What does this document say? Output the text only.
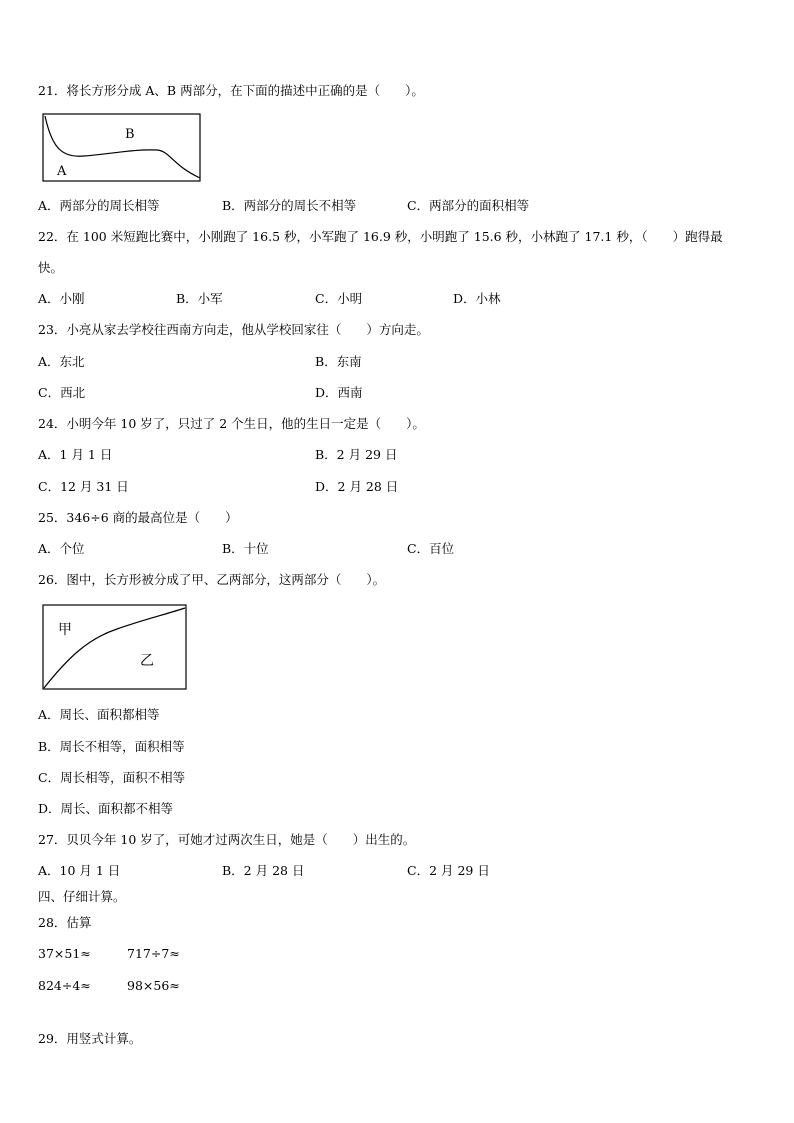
21．将长方形分成 A、B 两部分，在下面的描述中正确的是（　　）。
B
A
A．两部分的周长相等	B．两部分的周长不相等	C．两部分的面积相等
22．在 100 米短跑比赛中，小刚跑了 16.5 秒，小军跑了 16.9 秒，小明跑了 15.6 秒，小林跑了 17.1 秒，（　　）跑得最
快。
A．小刚	B．小军	C．小明	D．小林
23．小亮从家去学校往西南方向走，他从学校回家往（　　）方向走。
A．东北	B．东南
C．西北	D．西南
24．小明今年 10 岁了，只过了 2 个生日，他的生日一定是（　　）。
A．1 月 1 日	B．2 月 29 日
C．12 月 31 日	D．2 月 28 日
25．346÷6 商的最高位是（　　）
A．个位	B．十位	C．百位
26．图中，长方形被分成了甲、乙两部分，这两部分（　　）。
甲
乙
A．周长、面积都相等
B．周长不相等，面积相等
C．周长相等，面积不相等
D．周长、面积都不相等
27．贝贝今年 10 岁了，可她才过两次生日，她是（　　）出生的。
A．10 月 1 日	B．2 月 28 日	C．2 月 29 日
四、仔细计算。
28．估算
37×51≈	717÷7≈
824÷4≈	98×56≈
29．用竖式计算。
